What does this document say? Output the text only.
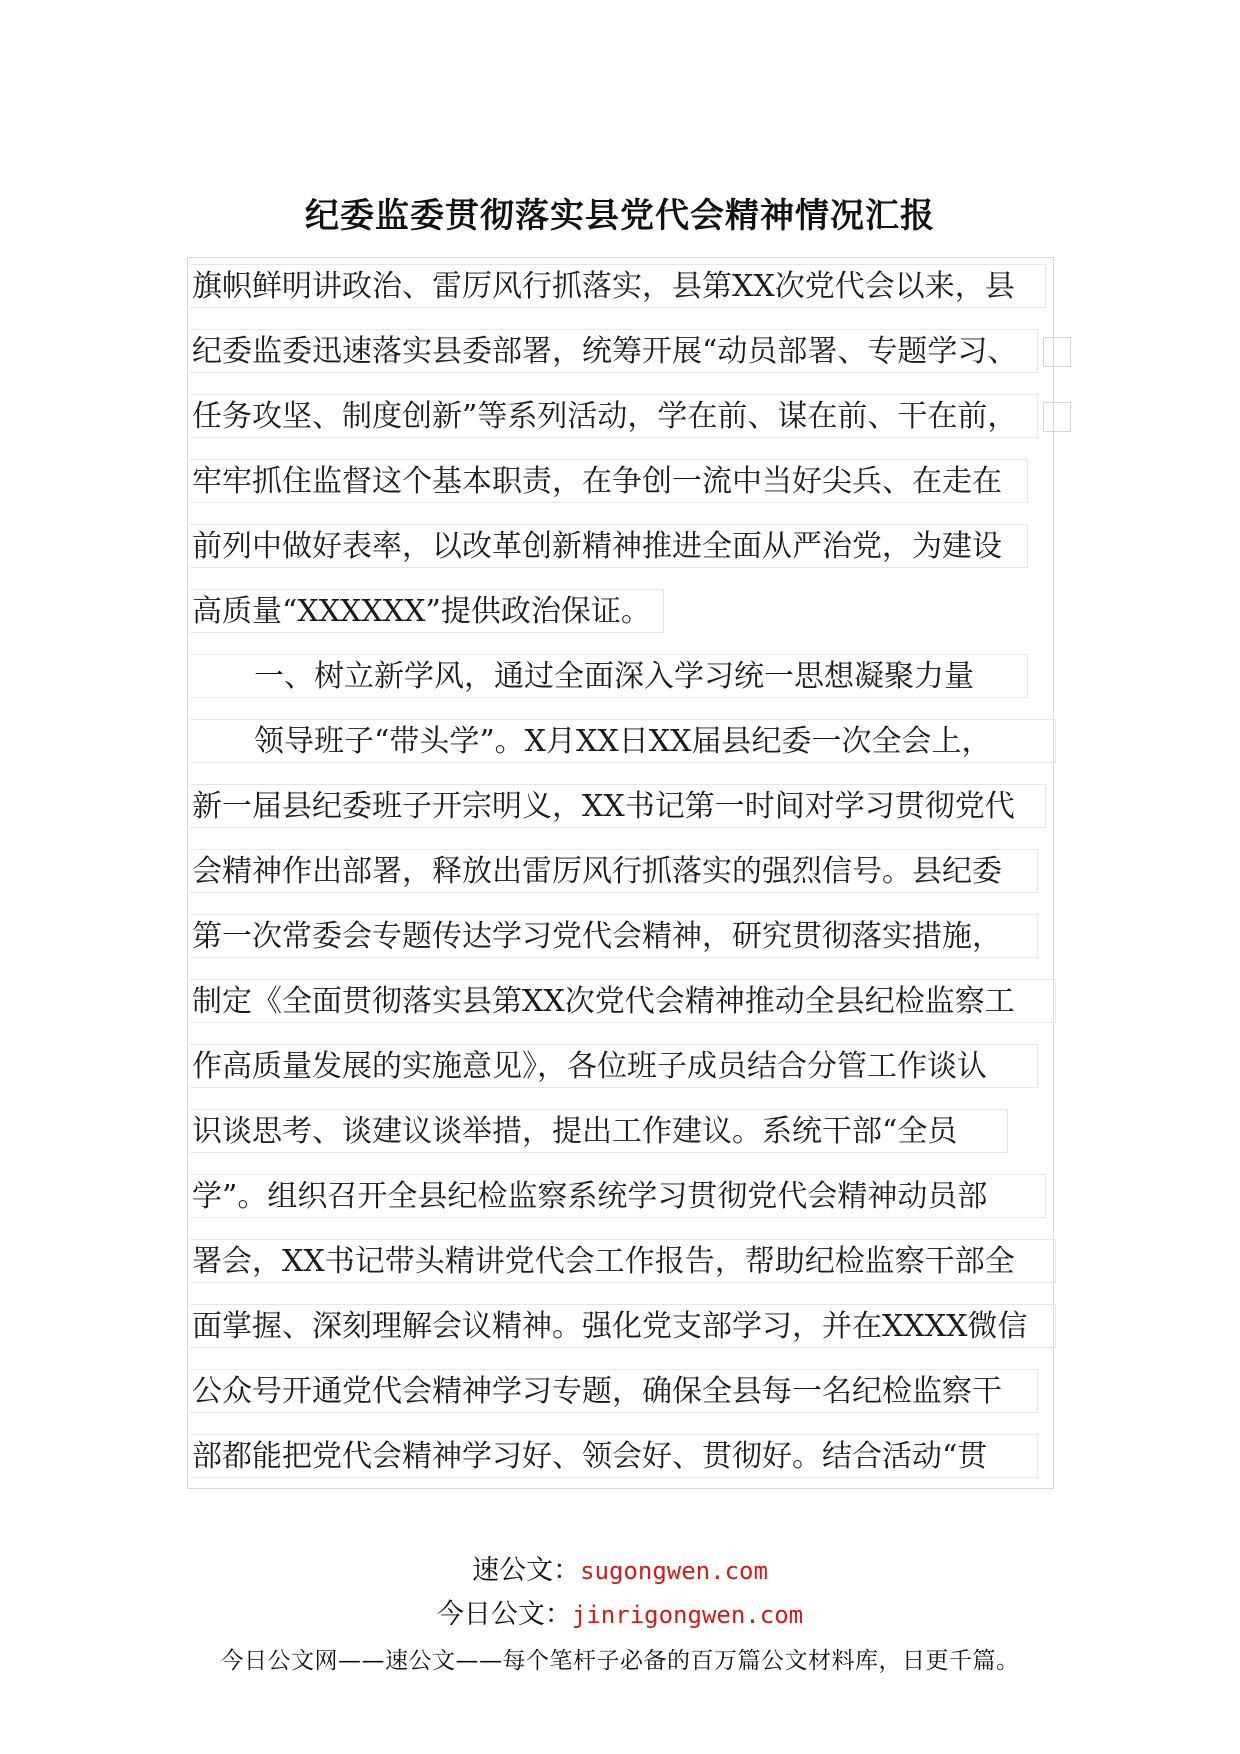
纪委监委贯彻落实县党代会精神情况汇报
旗帜鲜明讲政治、雷厉风行抓落实，县第XX次党代会以来，县
纪委监委迅速落实县委部署，统筹开展“动员部署、专题学习、
任务攻坚、制度创新”等系列活动，学在前、谋在前、干在前，
牢牢抓住监督这个基本职责，在争创一流中当好尖兵、在走在
前列中做好表率，以改革创新精神推进全面从严治党，为建设
高质量“XXXXXX”提供政治保证。
一、树立新学风，通过全面深入学习统一思想凝聚力量
领导班子“带头学”。X月XX日XX届县纪委一次全会上，
新一届县纪委班子开宗明义，XX书记第一时间对学习贯彻党代
会精神作出部署，释放出雷厉风行抓落实的强烈信号。县纪委
第一次常委会专题传达学习党代会精神，研究贯彻落实措施，
制定《全面贯彻落实县第XX次党代会精神推动全县纪检监察工
作高质量发展的实施意见》，各位班子成员结合分管工作谈认
识谈思考、谈建议谈举措，提出工作建议。系统干部“全员
学”。组织召开全县纪检监察系统学习贯彻党代会精神动员部
署会，XX书记带头精讲党代会工作报告，帮助纪检监察干部全
面掌握、深刻理解会议精神。强化党支部学习，并在XXXX微信
公众号开通党代会精神学习专题，确保全县每一名纪检监察干
部都能把党代会精神学习好、领会好、贯彻好。结合活动“贯
速公文：sugongwen.com
今日公文：jinrigongwen.com
今日公文网——速公文——每个笔杆子必备的百万篇公文材料库，日更千篇。
